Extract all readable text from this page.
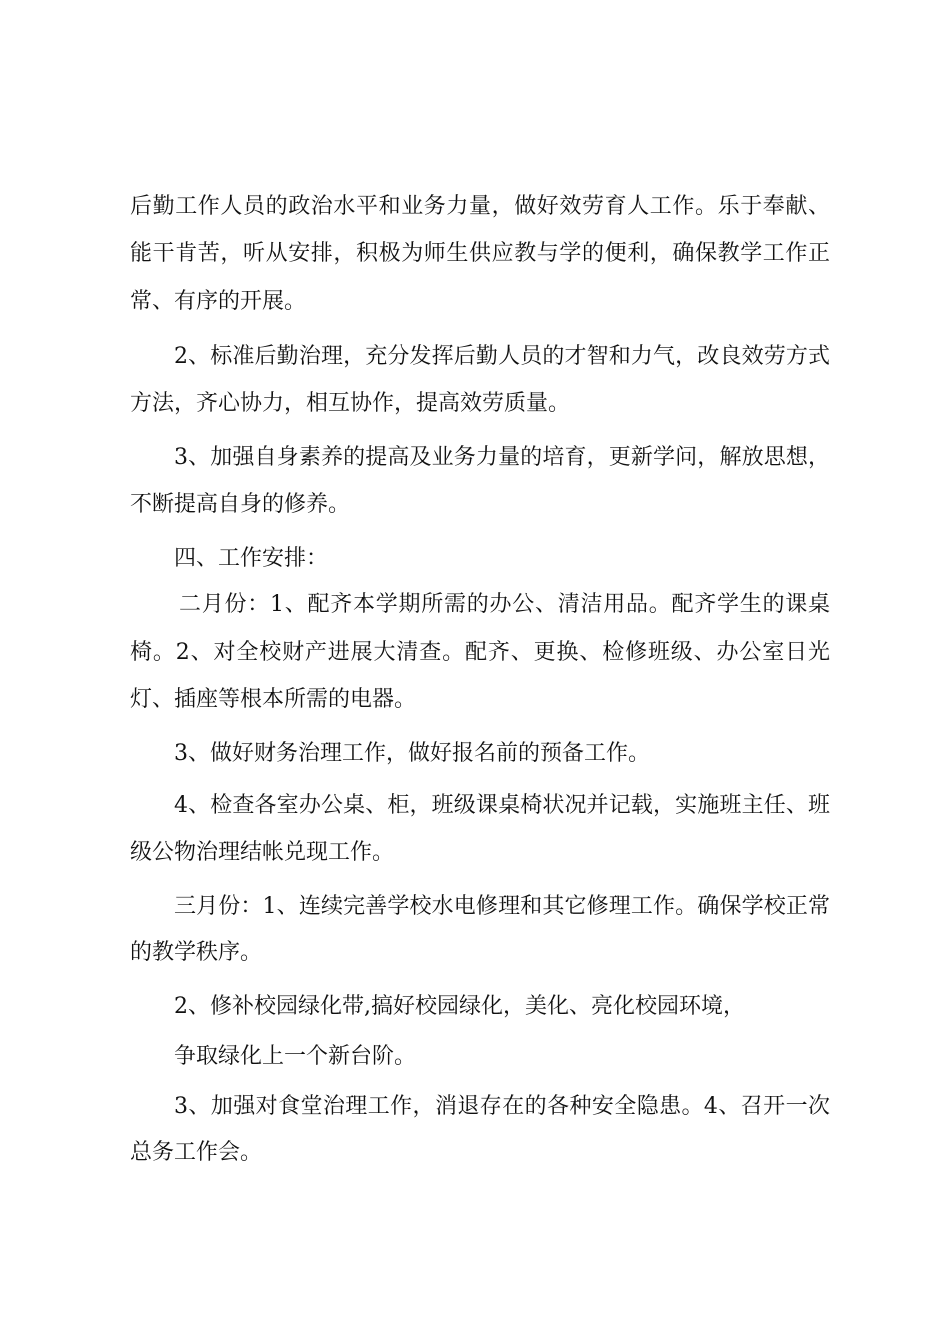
后勤工作人员的政治水平和业务力量，做好效劳育人工作。乐于奉献、
能干肯苦，听从安排，积极为师生供应教与学的便利，确保教学工作正
常、有序的开展。
2、标准后勤治理，充分发挥后勤人员的才智和力气，改良效劳方式
方法，齐心协力，相互协作，提高效劳质量。
3、加强自身素养的提高及业务力量的培育，更新学问，解放思想，
不断提高自身的修养。
四、工作安排：
二月份：1、配齐本学期所需的办公、清洁用品。配齐学生的课桌
椅。2、对全校财产进展大清查。配齐、更换、检修班级、办公室日光
灯、插座等根本所需的电器。
3、做好财务治理工作，做好报名前的预备工作。
4、检查各室办公桌、柜，班级课桌椅状况并记载，实施班主任、班
级公物治理结帐兑现工作。
三月份：1、连续完善学校水电修理和其它修理工作。确保学校正常
的教学秩序。
2、修补校园绿化带,搞好校园绿化，美化、亮化校园环境，
争取绿化上一个新台阶。
3、加强对食堂治理工作，消退存在的各种安全隐患。4、召开一次
总务工作会。
